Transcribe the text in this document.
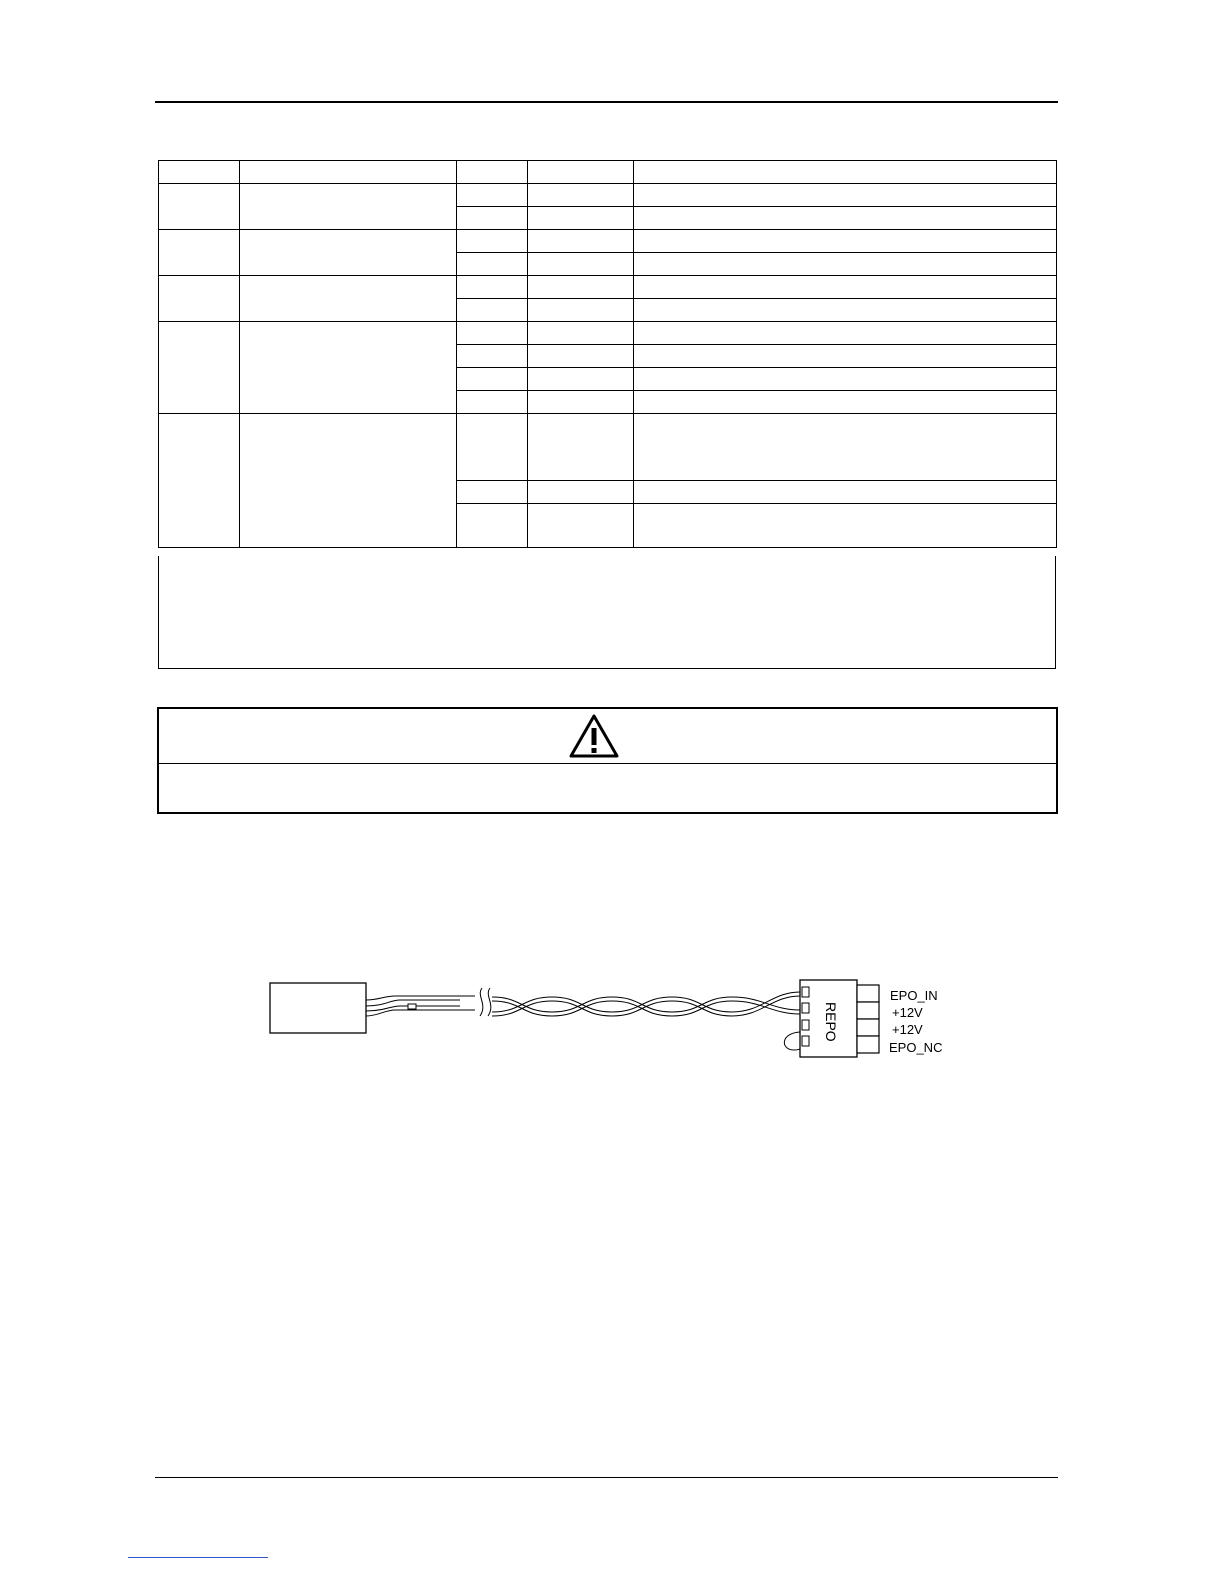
REPO
EPO_IN
+12V
+12V
EPO_NC
